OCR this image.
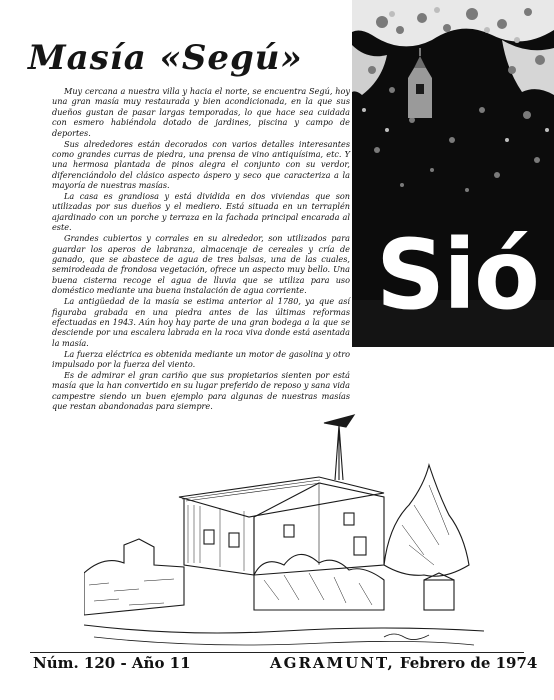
Masía «Segú»

Muy cercana a nuestra villa y hacia el norte, se encuentra Segú, hoy una gran masía muy restaurada y bien acondicionada, en la que sus dueños gustan de pasar largas temporadas, lo que hace sea cuidada con esmero habiéndola dotado de jardines, piscina y campo de deportes.

Sus alrededores están decorados con varios detalles interesantes como grandes curras de piedra, una prensa de vino antiquísima, etc. Y una hermosa plantada de pinos alegra el conjunto con su verdor, diferenciándolo del clásico aspecto áspero y seco que caracteriza a la mayoría de nuestras masías.

La casa es grandiosa y está dividida en dos viviendas que son utilizadas por sus dueños y el mediero. Está situada en un terraplén ajardinado con un porche y terraza en la fachada principal encarada al este.

Grandes cubiertos y corrales en su alrededor, son utilizados para guardar los aperos de labranza, almacenaje de cereales y cría de ganado, que se abastece de agua de tres balsas, una de las cuales, semirodeada de frondosa vegetación, ofrece un aspecto muy bello. Una buena cisterna recoge el agua de lluvia que se utiliza para uso doméstico mediante una buena instalación de agua corriente.

La antigüedad de la masía se estima anterior al 1780, ya que así figuraba grabada en una piedra antes de las últimas reformas efectuadas en 1943. Aún hoy hay parte de una gran bodega a la que se desciende por una escalera labrada en la roca viva donde está asentada la masía.

La fuerza eléctrica es obtenida mediante un motor de gasolina y otro impulsado por la fuerza del viento.

Es de admirar el gran cariño que sus propietarios sienten por está masía que la han convertido en su lugar preferido de reposo y sana vida campestre siendo un buen ejemplo para algunas de nuestras masías que restan abandonadas para siempre.

Sió
Núm. 120 - Año 11	AGRAMUNT, Febrero de 1974
